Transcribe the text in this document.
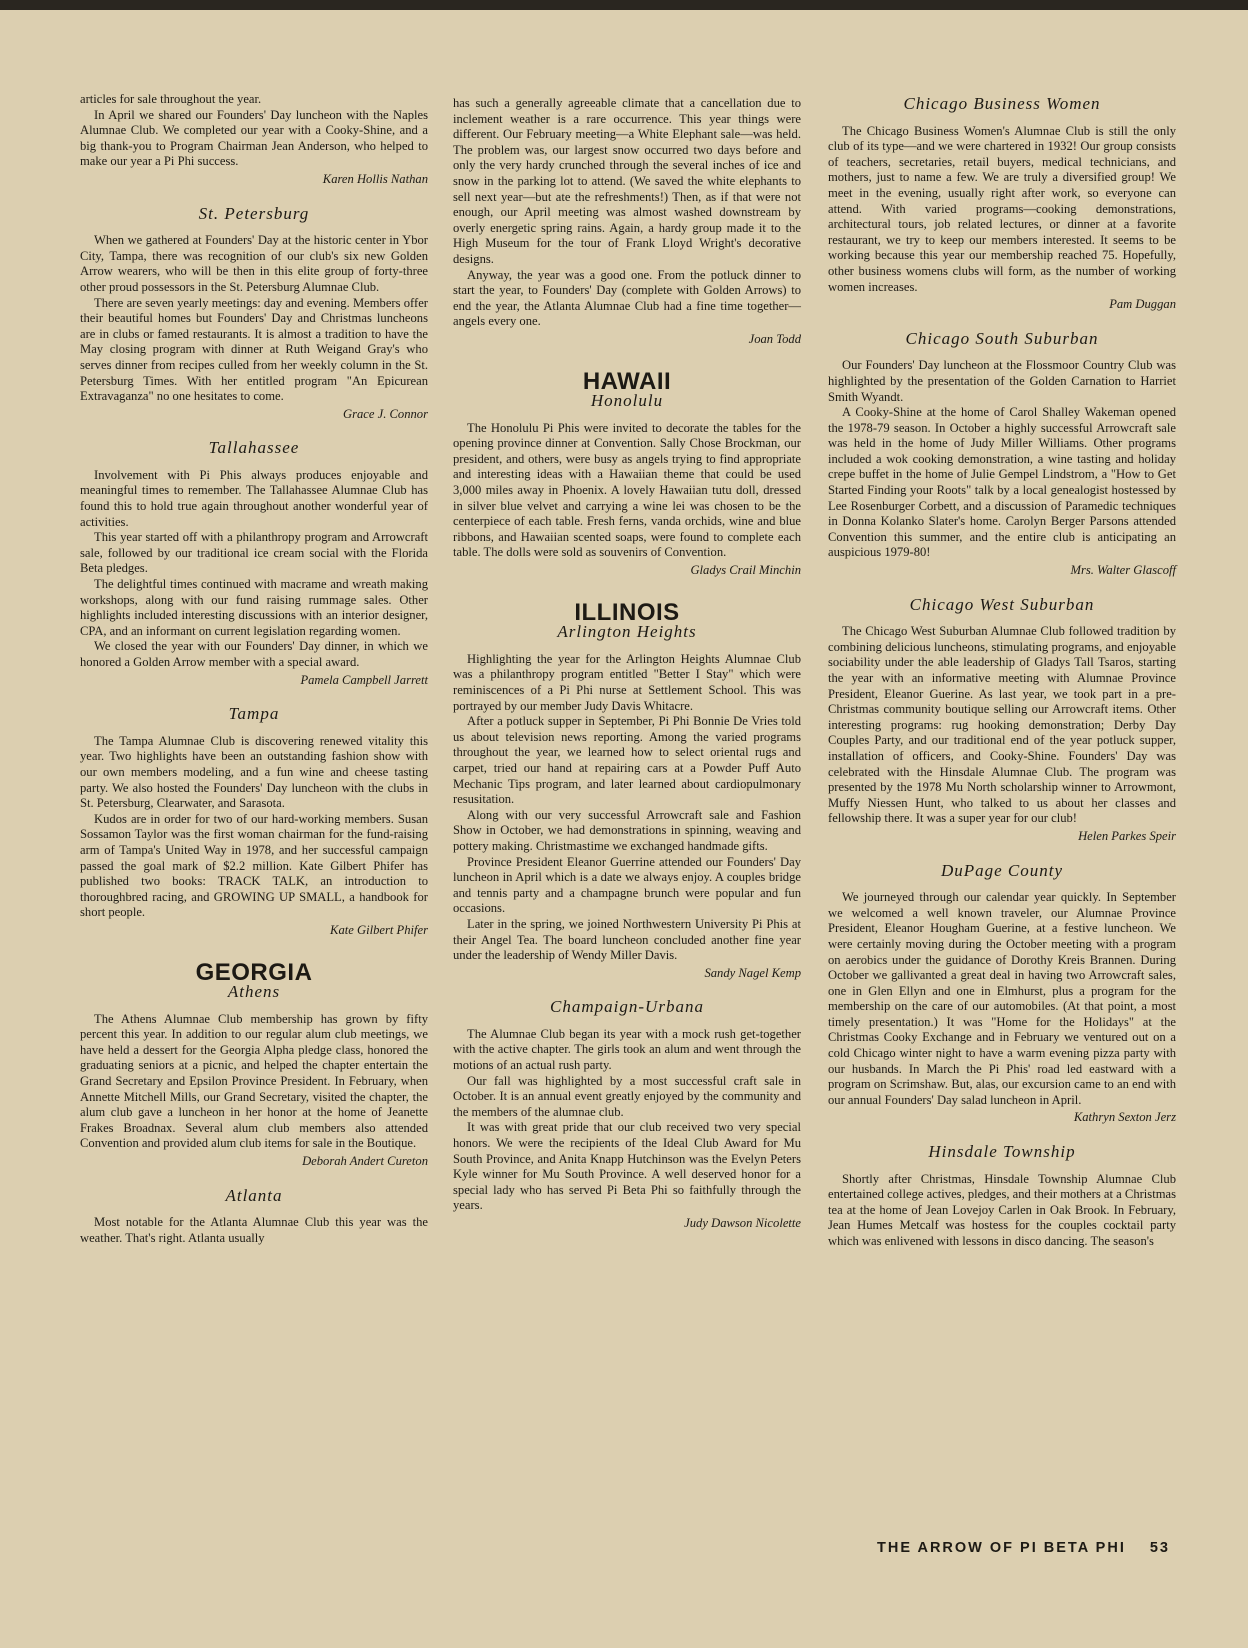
articles for sale throughout the year.

In April we shared our Founders' Day luncheon with the Naples Alumnae Club. We completed our year with a Cooky-Shine, and a big thank-you to Program Chairman Jean Anderson, who helped to make our year a Pi Phi success.

Karen Hollis Nathan
St. Petersburg

When we gathered at Founders' Day at the historic center in Ybor City, Tampa, there was recognition of our club's six new Golden Arrow wearers, who will be then in this elite group of forty-three other proud possessors in the St. Petersburg Alumnae Club.

There are seven yearly meetings: day and evening. Members offer their beautiful homes but Founders' Day and Christmas luncheons are in clubs or famed restaurants. It is almost a tradition to have the May closing program with dinner at Ruth Weigand Gray's who serves dinner from recipes culled from her weekly column in the St. Petersburg Times. With her entitled program "An Epicurean Extravaganza" no one hesitates to come.

Grace J. Connor
Tallahassee

Involvement with Pi Phis always produces enjoyable and meaningful times to remember. The Tallahassee Alumnae Club has found this to hold true again throughout another wonderful year of activities.

This year started off with a philanthropy program and Arrowcraft sale, followed by our traditional ice cream social with the Florida Beta pledges.

The delightful times continued with macrame and wreath making workshops, along with our fund raising rummage sales. Other highlights included interesting discussions with an interior designer, CPA, and an informant on current legislation regarding women.

We closed the year with our Founders' Day dinner, in which we honored a Golden Arrow member with a special award.

Pamela Campbell Jarrett
Tampa

The Tampa Alumnae Club is discovering renewed vitality this year. Two highlights have been an outstanding fashion show with our own members modeling, and a fun wine and cheese tasting party. We also hosted the Founders' Day luncheon with the clubs in St. Petersburg, Clearwater, and Sarasota.

Kudos are in order for two of our hard-working members. Susan Sossamon Taylor was the first woman chairman for the fund-raising arm of Tampa's United Way in 1978, and her successful campaign passed the goal mark of $2.2 million. Kate Gilbert Phifer has published two books: TRACK TALK, an introduction to thoroughbred racing, and GROWING UP SMALL, a handbook for short people.

Kate Gilbert Phifer
GEORGIA
Athens

The Athens Alumnae Club membership has grown by fifty percent this year. In addition to our regular alum club meetings, we have held a dessert for the Georgia Alpha pledge class, honored the graduating seniors at a picnic, and helped the chapter entertain the Grand Secretary and Epsilon Province President. In February, when Annette Mitchell Mills, our Grand Secretary, visited the chapter, the alum club gave a luncheon in her honor at the home of Jeanette Frakes Broadnax. Several alum club members also attended Convention and provided alum club items for sale in the Boutique.

Deborah Andert Cureton
Atlanta

Most notable for the Atlanta Alumnae Club this year was the weather. That's right. Atlanta usually

has such a generally agreeable climate that a cancellation due to inclement weather is a rare occurrence. This year things were different. Our February meeting—a White Elephant sale—was held. The problem was, our largest snow occurred two days before and only the very hardy crunched through the several inches of ice and snow in the parking lot to attend. (We saved the white elephants to sell next year—but ate the refreshments!) Then, as if that were not enough, our April meeting was almost washed downstream by overly energetic spring rains. Again, a hardy group made it to the High Museum for the tour of Frank Lloyd Wright's decorative designs.

Anyway, the year was a good one. From the potluck dinner to start the year, to Founders' Day (complete with Golden Arrows) to end the year, the Atlanta Alumnae Club had a fine time together—angels every one.

Joan Todd
HAWAII
Honolulu

The Honolulu Pi Phis were invited to decorate the tables for the opening province dinner at Convention. Sally Chose Brockman, our president, and others, were busy as angels trying to find appropriate and interesting ideas with a Hawaiian theme that could be used 3,000 miles away in Phoenix. A lovely Hawaiian tutu doll, dressed in silver blue velvet and carrying a wine lei was chosen to be the centerpiece of each table. Fresh ferns, vanda orchids, wine and blue ribbons, and Hawaiian scented soaps, were found to complete each table. The dolls were sold as souvenirs of Convention.

Gladys Crail Minchin
ILLINOIS
Arlington Heights

Highlighting the year for the Arlington Heights Alumnae Club was a philanthropy program entitled "Better I Stay" which were reminiscences of a Pi Phi nurse at Settlement School. This was portrayed by our member Judy Davis Whitacre.

After a potluck supper in September, Pi Phi Bonnie De Vries told us about television news reporting. Among the varied programs throughout the year, we learned how to select oriental rugs and carpet, tried our hand at repairing cars at a Powder Puff Auto Mechanic Tips program, and later learned about cardiopulmonary resusitation.

Along with our very successful Arrowcraft sale and Fashion Show in October, we had demonstrations in spinning, weaving and pottery making. Christmastime we exchanged handmade gifts.

Province President Eleanor Guerrine attended our Founders' Day luncheon in April which is a date we always enjoy. A couples bridge and tennis party and a champagne brunch were popular and fun occasions.

Later in the spring, we joined Northwestern University Pi Phis at their Angel Tea. The board luncheon concluded another fine year under the leadership of Wendy Miller Davis.

Sandy Nagel Kemp
Champaign-Urbana

The Alumnae Club began its year with a mock rush get-together with the active chapter. The girls took an alum and went through the motions of an actual rush party.

Our fall was highlighted by a most successful craft sale in October. It is an annual event greatly enjoyed by the community and the members of the alumnae club.

It was with great pride that our club received two very special honors. We were the recipients of the Ideal Club Award for Mu South Province, and Anita Knapp Hutchinson was the Evelyn Peters Kyle winner for Mu South Province. A well deserved honor for a special lady who has served Pi Beta Phi so faithfully through the years.

Judy Dawson Nicolette
Chicago Business Women

The Chicago Business Women's Alumnae Club is still the only club of its type—and we were chartered in 1932! Our group consists of teachers, secretaries, retail buyers, medical technicians, and mothers, just to name a few. We are truly a diversified group! We meet in the evening, usually right after work, so everyone can attend. With varied programs—cooking demonstrations, architectural tours, job related lectures, or dinner at a favorite restaurant, we try to keep our members interested. It seems to be working because this year our membership reached 75. Hopefully, other business womens clubs will form, as the number of working women increases.

Pam Duggan
Chicago South Suburban

Our Founders' Day luncheon at the Flossmoor Country Club was highlighted by the presentation of the Golden Carnation to Harriet Smith Wyandt.

A Cooky-Shine at the home of Carol Shalley Wakeman opened the 1978-79 season. In October a highly successful Arrowcraft sale was held in the home of Judy Miller Williams. Other programs included a wok cooking demonstration, a wine tasting and holiday crepe buffet in the home of Julie Gempel Lindstrom, a "How to Get Started Finding your Roots" talk by a local genealogist hostessed by Lee Rosenburger Corbett, and a discussion of Paramedic techniques in Donna Kolanko Slater's home. Carolyn Berger Parsons attended Convention this summer, and the entire club is anticipating an auspicious 1979-80!

Mrs. Walter Glascoff
Chicago West Suburban

The Chicago West Suburban Alumnae Club followed tradition by combining delicious luncheons, stimulating programs, and enjoyable sociability under the able leadership of Gladys Tall Tsaros, starting the year with an informative meeting with Alumnae Province President, Eleanor Guerine. As last year, we took part in a pre-Christmas community boutique selling our Arrowcraft items. Other interesting programs: rug hooking demonstration; Derby Day Couples Party, and our traditional end of the year potluck supper, installation of officers, and Cooky-Shine. Founders' Day was celebrated with the Hinsdale Alumnae Club. The program was presented by the 1978 Mu North scholarship winner to Arrowmont, Muffy Niessen Hunt, who talked to us about her classes and fellowship there. It was a super year for our club!

Helen Parkes Speir
DuPage County

We journeyed through our calendar year quickly. In September we welcomed a well known traveler, our Alumnae Province President, Eleanor Hougham Guerine, at a festive luncheon. We were certainly moving during the October meeting with a program on aerobics under the guidance of Dorothy Kreis Brannen. During October we gallivanted a great deal in having two Arrowcraft sales, one in Glen Ellyn and one in Elmhurst, plus a program for the membership on the care of our automobiles. (At that point, a most timely presentation.) It was "Home for the Holidays" at the Christmas Cooky Exchange and in February we ventured out on a cold Chicago winter night to have a warm evening pizza party with our husbands. In March the Pi Phis' road led eastward with a program on Scrimshaw. But, alas, our excursion came to an end with our annual Founders' Day salad luncheon in April.

Kathryn Sexton Jerz
Hinsdale Township

Shortly after Christmas, Hinsdale Township Alumnae Club entertained college actives, pledges, and their mothers at a Christmas tea at the home of Jean Lovejoy Carlen in Oak Brook. In February, Jean Humes Metcalf was hostess for the couples cocktail party which was enlivened with lessons in disco dancing. The season's

THE ARROW OF PI BETA PHI 53
